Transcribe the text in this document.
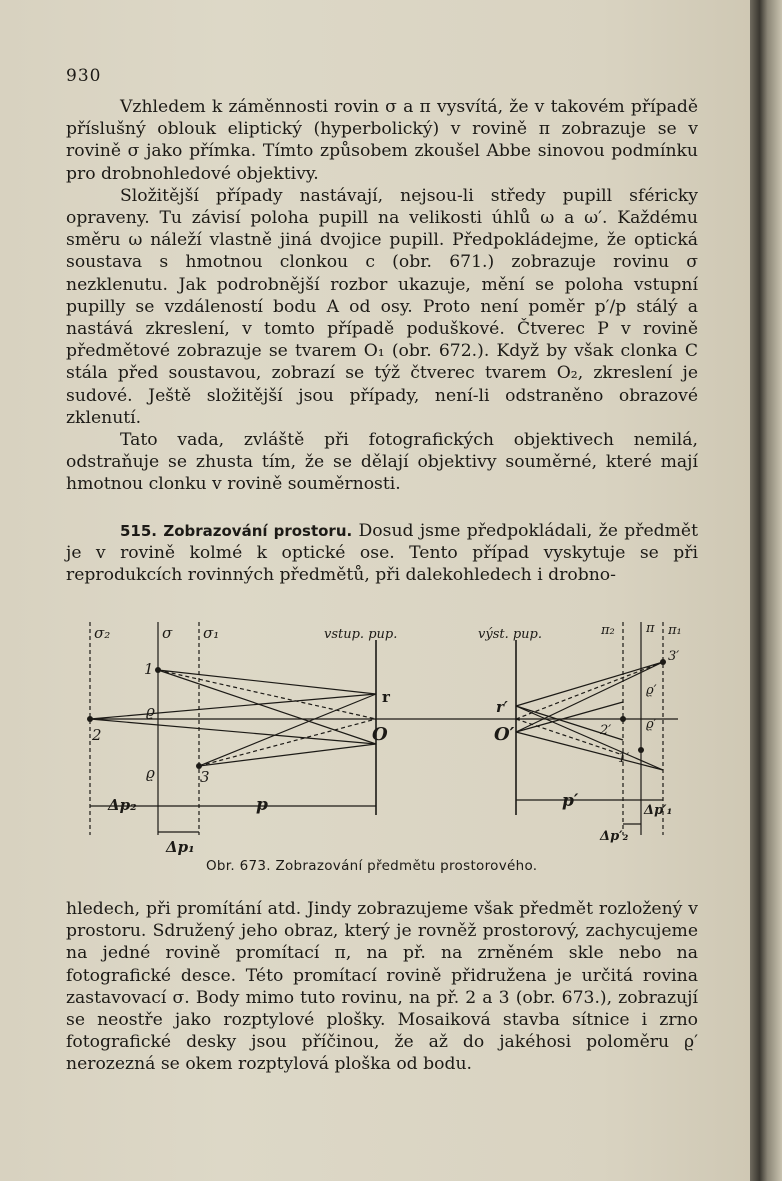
930

Vzhledem k záměnnosti rovin σ a π vysvítá, že v takovém případě příslušný oblouk eliptický (hyperbolický) v rovině π zobrazuje se v rovině σ jako přímka. Tímto způsobem zkoušel Abbe sinovou podmínku pro drobnohledové objektivy.

Složitější případy nastávají, nejsou-li středy pupill sféricky opraveny. Tu závisí poloha pupill na velikosti úhlů ω a ω′. Každému směru ω náleží vlastně jiná dvojice pupill. Předpokládejme, že optická soustava s hmotnou clonkou c (obr. 671.) zobrazuje rovinu σ nezklenutu. Jak podrobnější rozbor ukazuje, mění se poloha vstupní pupilly se vzdáleností bodu A od osy. Proto není poměr p′/p stálý a nastává zkreslení, v tomto případě poduškové. Čtverec P v rovině předmětové zobrazuje se tvarem O₁ (obr. 672.). Když by však clonka C stála před soustavou, zobrazí se týž čtverec tvarem O₂, zkreslení je sudové. Ještě složitější jsou případy, není-li odstraněno obrazové zklenutí.

Tato vada, zvláště při fotografických objektivech nemilá, odstraňuje se zhusta tím, že se dělají objektivy souměrné, které mají hmotnou clonku v rovině souměrnosti.

515. Zobrazování prostoru. Dosud jsme předpokládali, že předmět je v rovině kolmé k optické ose. Tento případ vyskytuje se při reprodukcích rovinných předmětů, při dalekohledech i drobno-

σ₂	σ σ₁	vstup. pup.	výst. pup.	π₂ π π₁
1
2
3
ϱ
ϱ
r
O
r′
O′
3′
2′
1′
ϱ′
ϱ′
Δp₂	p
Δp₁
p′	Δp′₁
Δp′₂
Obr. 673. Zobrazování předmětu prostorového.

hledech, při promítání atd. Jindy zobrazujeme však předmět rozložený v prostoru. Sdružený jeho obraz, který je rovněž prostorový, zachycujeme na jedné rovině promítací π, na př. na zrněném skle nebo na fotografické desce. Této promítací rovině přidružena je určitá rovina zastavovací σ. Body mimo tuto rovinu, na př. 2 a 3 (obr. 673.), zobrazují se neostře jako rozptylové plošky. Mosaiková stavba sítnice i zrno fotografické desky jsou příčinou, že až do jakéhosi poloměru ϱ′ nerozezná se okem rozptylová ploška od bodu.
